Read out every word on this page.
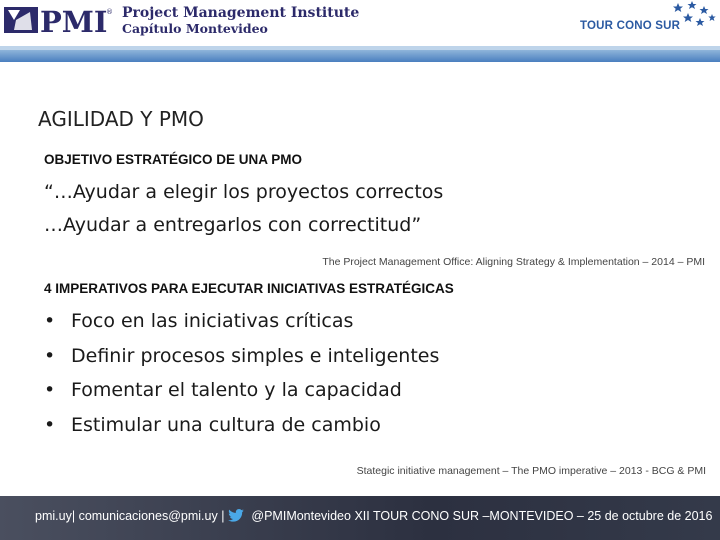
PMI
® Project Management Institute
Capítulo Montevideo	TOUR CONO SUR
AGILIDAD Y PMO
OBJETIVO ESTRATÉGICO DE UNA PMO
“…Ayudar a elegir los proyectos correctos
…Ayudar a entregarlos con correctitud”
The Project Management Office: Aligning Strategy & Implementation – 2014 – PMI
4 IMPERATIVOS PARA EJECUTAR INICIATIVAS ESTRATÉGICAS
• Foco en las iniciativas críticas
• Definir procesos simples e inteligentes
• Fomentar el talento y la capacidad
• Estimular una cultura de cambio
Stategic initiative management – The PMO imperative – 2013 - BCG & PMI
pmi.uy| comunicaciones@pmi.uy | @PMIMontevideo XII TOUR CONO SUR –MONTEVIDEO – 25 de octubre de 2016
